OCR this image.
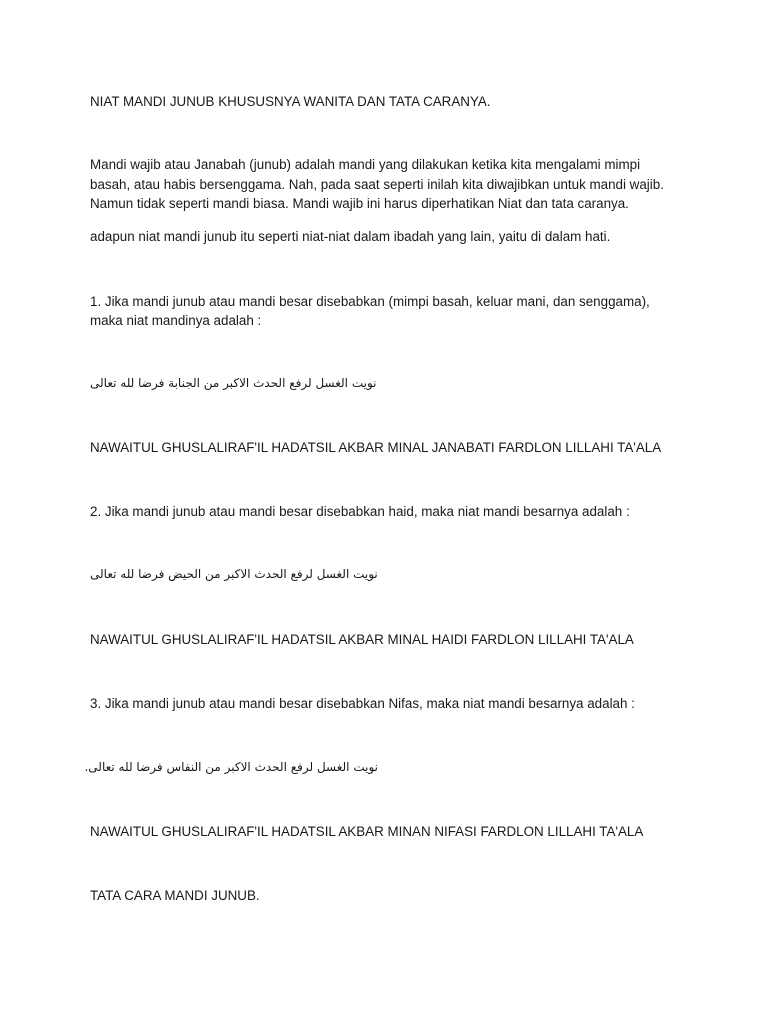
NIAT MANDI JUNUB KHUSUSNYA WANITA DAN TATA CARANYA.

Mandi wajib atau Janabah (junub) adalah mandi yang dilakukan ketika kita mengalami mimpi

basah, atau habis bersenggama. Nah, pada saat seperti inilah kita diwajibkan untuk mandi wajib.

Namun tidak seperti mandi biasa. Mandi wajib ini harus diperhatikan Niat dan tata caranya.

adapun niat mandi junub itu seperti niat-niat dalam ibadah yang lain, yaitu di dalam hati.

1. Jika mandi junub atau mandi besar disebabkan (mimpi basah, keluar mani, dan senggama),

maka niat mandinya adalah :

نويت الغسل لرفع الحدث الاكبر من الجنابة فرضا لله تعالى

NAWAITUL GHUSLALIRAF'IL HADATSIL AKBAR MINAL JANABATI FARDLON LILLAHI TA'ALA

2. Jika mandi junub atau mandi besar disebabkan haid, maka niat mandi besarnya adalah :

نويت الغسل لرفع الحدث الاكبر من الحيض فرضا لله تعالى

NAWAITUL GHUSLALIRAF'IL HADATSIL AKBAR MINAL HAIDI FARDLON LILLAHI TA'ALA

3. Jika mandi junub atau mandi besar disebabkan Nifas, maka niat mandi besarnya adalah :

نويت الغسل لرفع الحدث الاكبر من النفاس فرضا لله تعالى.

NAWAITUL GHUSLALIRAF'IL HADATSIL AKBAR MINAN NIFASI FARDLON LILLAHI TA'ALA

TATA CARA MANDI JUNUB.
